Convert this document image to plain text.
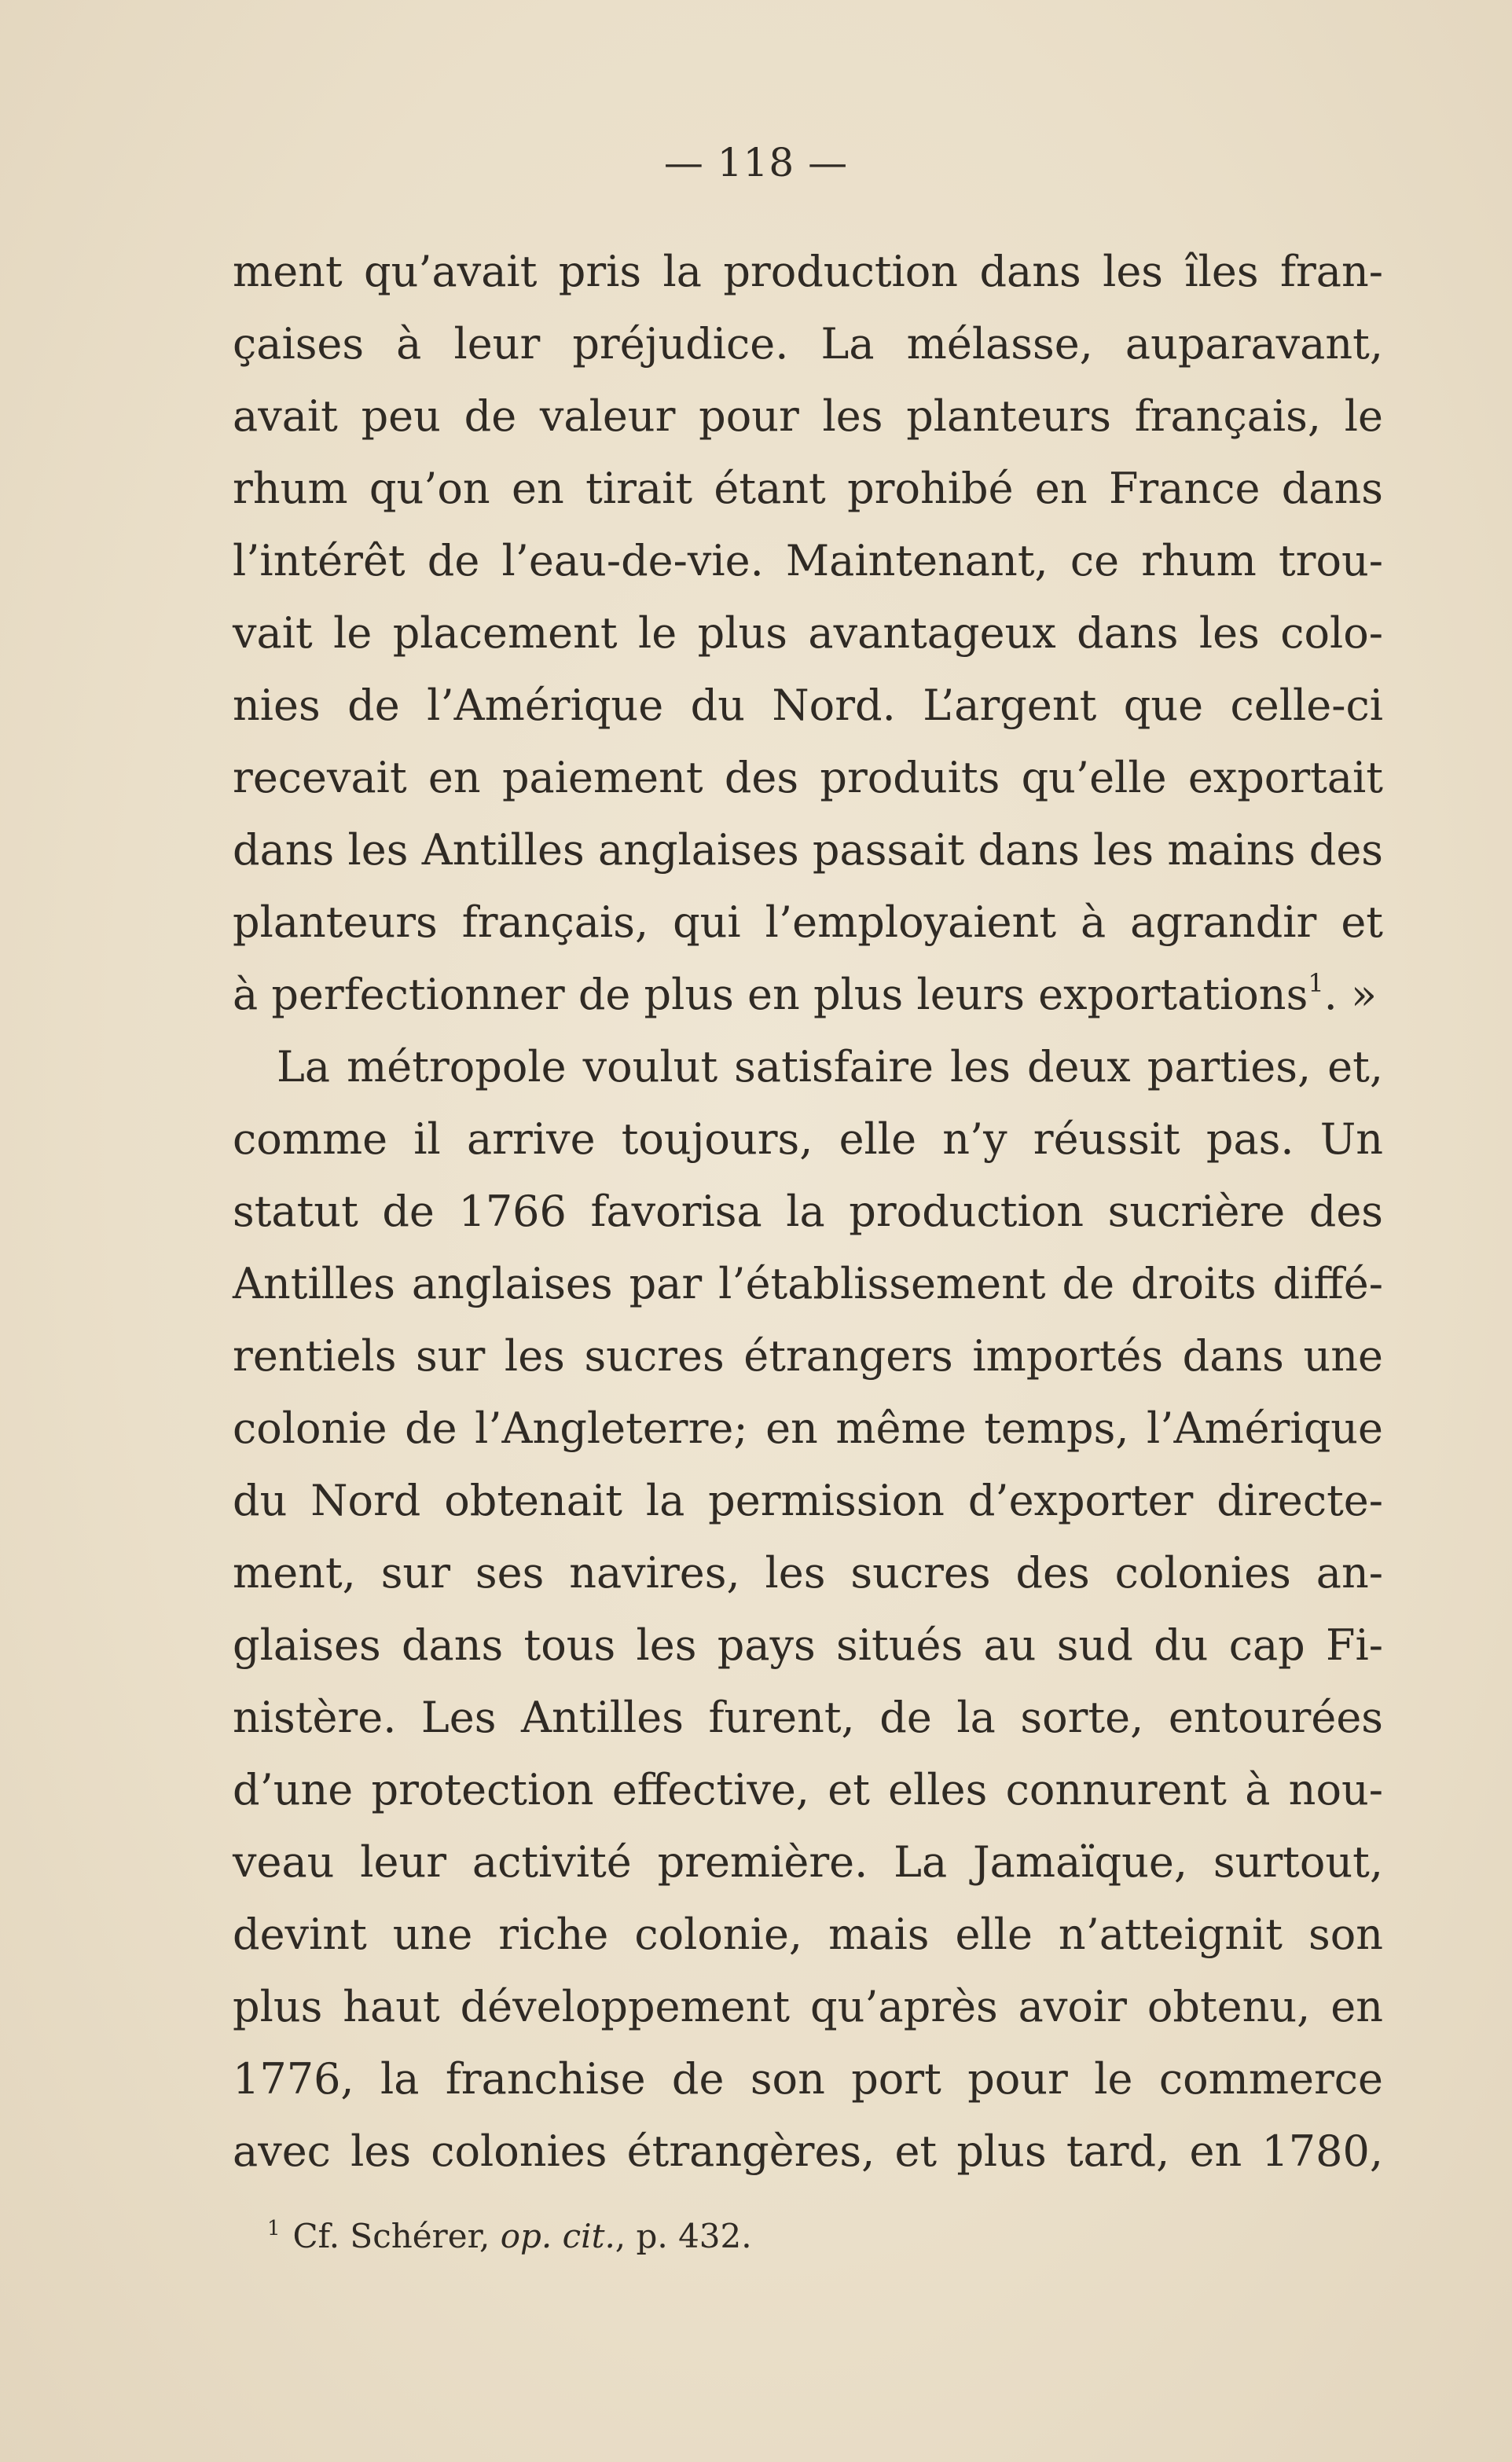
— 118 —
ment qu’avait pris la production dans les îles fran-
çaises à leur préjudice. La mélasse, auparavant,
avait peu de valeur pour les planteurs français, le
rhum qu’on en tirait étant prohibé en France dans
l’intérêt de l’eau-de-vie. Maintenant, ce rhum trou-
vait le placement le plus avantageux dans les colo-
nies de l’Amérique du Nord. L’argent que celle-ci
recevait en paiement des produits qu’elle exportait
dans les Antilles anglaises passait dans les mains des
planteurs français, qui l’employaient à agrandir et
à perfectionner de plus en plus leurs exportations$^1$. »
La métropole voulut satisfaire les deux parties, et,
comme il arrive toujours, elle n’y réussit pas. Un
statut de 1766 favorisa la production sucrière des
Antilles anglaises par l’établissement de droits diffé-
rentiels sur les sucres étrangers importés dans une
colonie de l’Angleterre; en même temps, l’Amérique
du Nord obtenait la permission d’exporter directe-
ment, sur ses navires, les sucres des colonies an-
glaises dans tous les pays situés au sud du cap Fi-
nistère. Les Antilles furent, de la sorte, entourées
d’une protection effective, et elles connurent à nou-
veau leur activité première. La Jamaïque, surtout,
devint une riche colonie, mais elle n’atteignit son
plus haut développement qu’après avoir obtenu, en
1776, la franchise de son port pour le commerce
avec les colonies étrangères, et plus tard, en 1780,
$^1$ Cf. Schérer, op. cit., p. 432.
